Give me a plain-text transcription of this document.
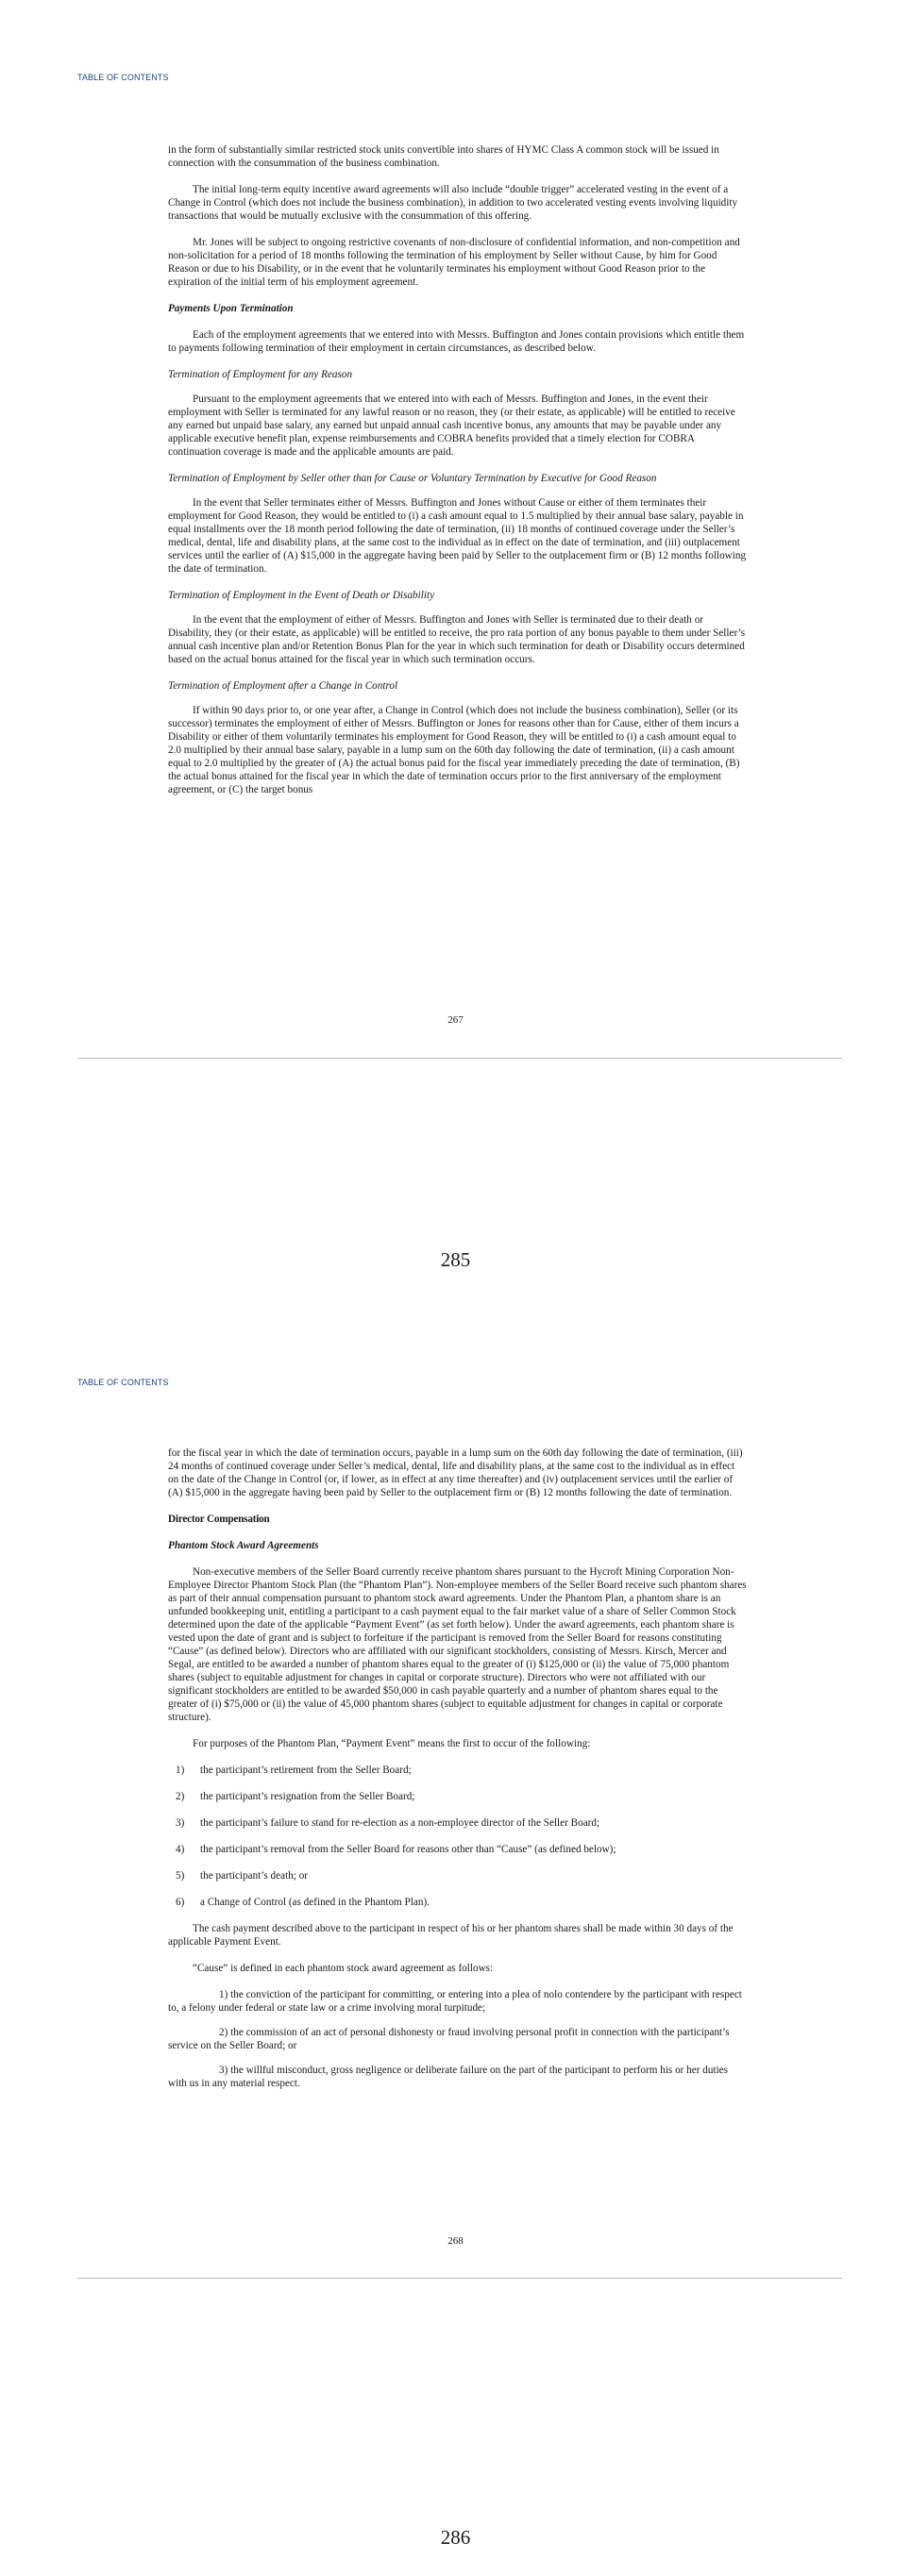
TABLE OF CONTENTS

in the form of substantially similar restricted stock units convertible into shares of HYMC Class A common stock will be issued in connection with the consummation of the business combination.

The initial long-term equity incentive award agreements will also include “double trigger” accelerated vesting in the event of a Change in Control (which does not include the business combination), in addition to two accelerated vesting events involving liquidity transactions that would be mutually exclusive with the consummation of this offering.

Mr. Jones will be subject to ongoing restrictive covenants of non-disclosure of confidential information, and non-competition and non-solicitation for a period of 18 months following the termination of his employment by Seller without Cause, by him for Good Reason or due to his Disability, or in the event that he voluntarily terminates his employment without Good Reason prior to the expiration of the initial term of his employment agreement.

Payments Upon Termination

Each of the employment agreements that we entered into with Messrs. Buffington and Jones contain provisions which entitle them to payments following termination of their employment in certain circumstances, as described below.

Termination of Employment for any Reason

Pursuant to the employment agreements that we entered into with each of Messrs. Buffington and Jones, in the event their employment with Seller is terminated for any lawful reason or no reason, they (or their estate, as applicable) will be entitled to receive any earned but unpaid base salary, any earned but unpaid annual cash incentive bonus, any amounts that may be payable under any applicable executive benefit plan, expense reimbursements and COBRA benefits provided that a timely election for COBRA continuation coverage is made and the applicable amounts are paid.

Termination of Employment by Seller other than for Cause or Voluntary Termination by Executive for Good Reason

In the event that Seller terminates either of Messrs. Buffington and Jones without Cause or either of them terminates their employment for Good Reason, they would be entitled to (i) a cash amount equal to 1.5 multiplied by their annual base salary, payable in equal installments over the 18 month period following the date of termination, (ii) 18 months of continued coverage under the Seller’s medical, dental, life and disability plans, at the same cost to the individual as in effect on the date of termination, and (iii) outplacement services until the earlier of (A) $15,000 in the aggregate having been paid by Seller to the outplacement firm or (B) 12 months following the date of termination.

Termination of Employment in the Event of Death or Disability

In the event that the employment of either of Messrs. Buffington and Jones with Seller is terminated due to their death or Disability, they (or their estate, as applicable) will be entitled to receive, the pro rata portion of any bonus payable to them under Seller’s annual cash incentive plan and/or Retention Bonus Plan for the year in which such termination for death or Disability occurs determined based on the actual bonus attained for the fiscal year in which such termination occurs.

Termination of Employment after a Change in Control

If within 90 days prior to, or one year after, a Change in Control (which does not include the business combination), Seller (or its successor) terminates the employment of either of Messrs. Buffington or Jones for reasons other than for Cause, either of them incurs a Disability or either of them voluntarily terminates his employment for Good Reason, they will be entitled to (i) a cash amount equal to 2.0 multiplied by their annual base salary, payable in a lump sum on the 60th day following the date of termination, (ii) a cash amount equal to 2.0 multiplied by the greater of (A) the actual bonus paid for the fiscal year immediately preceding the date of termination, (B) the actual bonus attained for the fiscal year in which the date of termination occurs prior to the first anniversary of the employment agreement, or (C) the target bonus

267
285
TABLE OF CONTENTS

for the fiscal year in which the date of termination occurs, payable in a lump sum on the 60th day following the date of termination, (iii) 24 months of continued coverage under Seller’s medical, dental, life and disability plans, at the same cost to the individual as in effect on the date of the Change in Control (or, if lower, as in effect at any time thereafter) and (iv) outplacement services until the earlier of (A) $15,000 in the aggregate having been paid by Seller to the outplacement firm or (B) 12 months following the date of termination.

Director Compensation

Phantom Stock Award Agreements

Non-executive members of the Seller Board currently receive phantom shares pursuant to the Hycroft Mining Corporation Non-Employee Director Phantom Stock Plan (the “Phantom Plan”). Non-employee members of the Seller Board receive such phantom shares as part of their annual compensation pursuant to phantom stock award agreements. Under the Phantom Plan, a phantom share is an unfunded bookkeeping unit, entitling a participant to a cash payment equal to the fair market value of a share of Seller Common Stock determined upon the date of the applicable “Payment Event” (as set forth below). Under the award agreements, each phantom share is vested upon the date of grant and is subject to forfeiture if the participant is removed from the Seller Board for reasons constituting “Cause” (as defined below). Directors who are affiliated with our significant stockholders, consisting of Messrs. Kirsch, Mercer and Segal, are entitled to be awarded a number of phantom shares equal to the greater of (i) $125,000 or (ii) the value of 75,000 phantom shares (subject to equitable adjustment for changes in capital or corporate structure). Directors who were not affiliated with our significant stockholders are entitled to be awarded $50,000 in cash payable quarterly and a number of phantom shares equal to the greater of (i) $75,000 or (ii) the value of 45,000 phantom shares (subject to equitable adjustment for changes in capital or corporate structure).

For purposes of the Phantom Plan, “Payment Event” means the first to occur of the following:

1)	the participant’s retirement from the Seller Board;
2)	the participant’s resignation from the Seller Board;
3)	the participant’s failure to stand for re-election as a non-employee director of the Seller Board;
4)	the participant’s removal from the Seller Board for reasons other than “Cause” (as defined below);
5)	the participant’s death; or
6)	a Change of Control (as defined in the Phantom Plan).

The cash payment described above to the participant in respect of his or her phantom shares shall be made within 30 days of the applicable Payment Event.

“Cause” is defined in each phantom stock award agreement as follows:

1) the conviction of the participant for committing, or entering into a plea of nolo contendere by the participant with respect to, a felony under federal or state law or a crime involving moral turpitude;

2) the commission of an act of personal dishonesty or fraud involving personal profit in connection with the participant’s service on the Seller Board; or

3) the willful misconduct, gross negligence or deliberate failure on the part of the participant to perform his or her duties with us in any material respect.

268
286
